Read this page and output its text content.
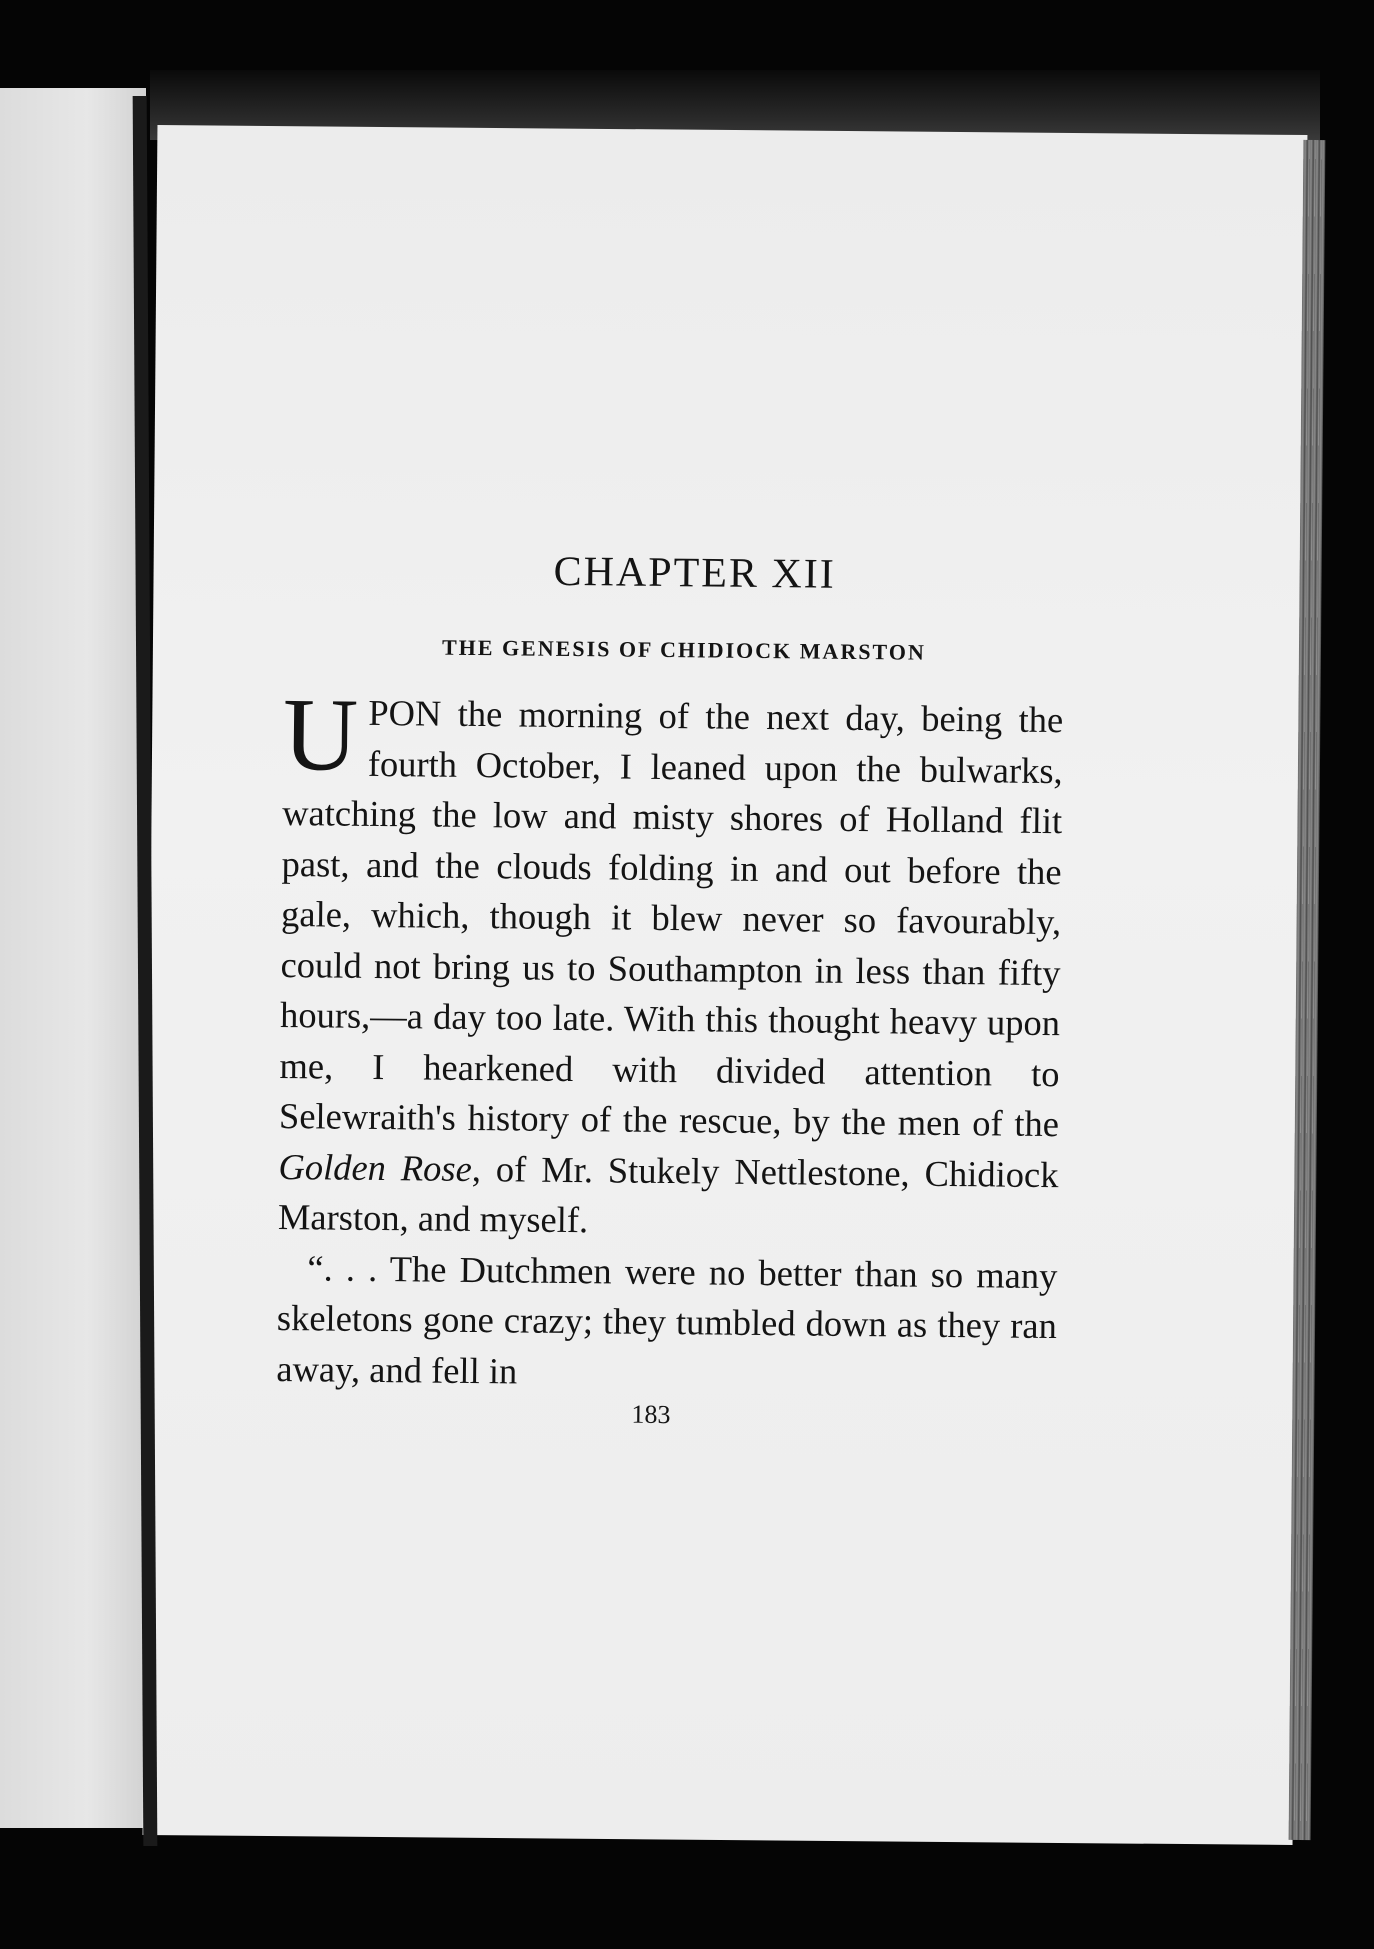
CHAPTER XII
THE GENESIS OF CHIDIOCK MARSTON

UPON the morning of the next day, being the fourth October, I leaned upon the bulwarks, watching the low and misty shores of Holland flit past, and the clouds folding in and out before the gale, which, though it blew never so favourably, could not bring us to Southampton in less than fifty hours,—a day too late. With this thought heavy upon me, I hearkened with divided attention to Selewraith's history of the rescue, by the men of the Golden Rose, of Mr. Stukely Nettlestone, Chidiock Marston, and myself.

“. . . The Dutchmen were no better than so many skeletons gone crazy; they tumbled down as they ran away, and fell in

183
